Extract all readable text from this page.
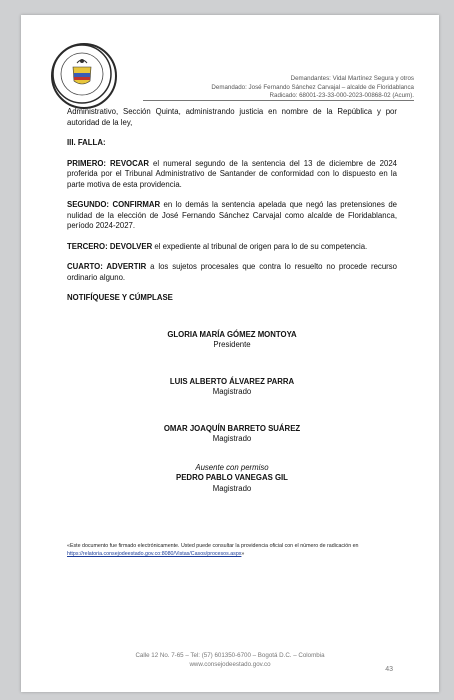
Demandantes: Vidal Martínez Segura y otros
Demandado: José Fernando Sánchez Carvajal – alcalde de Floridablanca
Radicado: 68001-23-33-000-2023-00868-02 (Acum).

Administrativo, Sección Quinta, administrando justicia en nombre de la República y por autoridad de la ley,

III. FALLA:

PRIMERO: REVOCAR el numeral segundo de la sentencia del 13 de diciembre de 2024 proferida por el Tribunal Administrativo de Santander de conformidad con lo dispuesto en la parte motiva de esta providencia.

SEGUNDO: CONFIRMAR en lo demás la sentencia apelada que negó las pretensiones de nulidad de la elección de José Fernando Sánchez Carvajal como alcalde de Floridablanca, período 2024-2027.

TERCERO: DEVOLVER el expediente al tribunal de origen para lo de su competencia.

CUARTO: ADVERTIR a los sujetos procesales que contra lo resuelto no procede recurso ordinario alguno.

NOTIFÍQUESE Y CÚMPLASE

GLORIA MARÍA GÓMEZ MONTOYA
Presidente
LUIS ALBERTO ÁLVAREZ PARRA
Magistrado
OMAR JOAQUÍN BARRETO SUÁREZ
Magistrado
Ausente con permiso
PEDRO PABLO VANEGAS GIL
Magistrado
«Este documento fue firmado electrónicamente. Usted puede consultar la providencia oficial con el número de radicación en https://relatoria.consejodeestado.gov.co:8080/Vistas/Casos/procesos.aspx»
Calle 12 No. 7-65 – Tel: (57) 601350-6700 – Bogotá D.C. – Colombia
www.consejodeestado.gov.co
43
